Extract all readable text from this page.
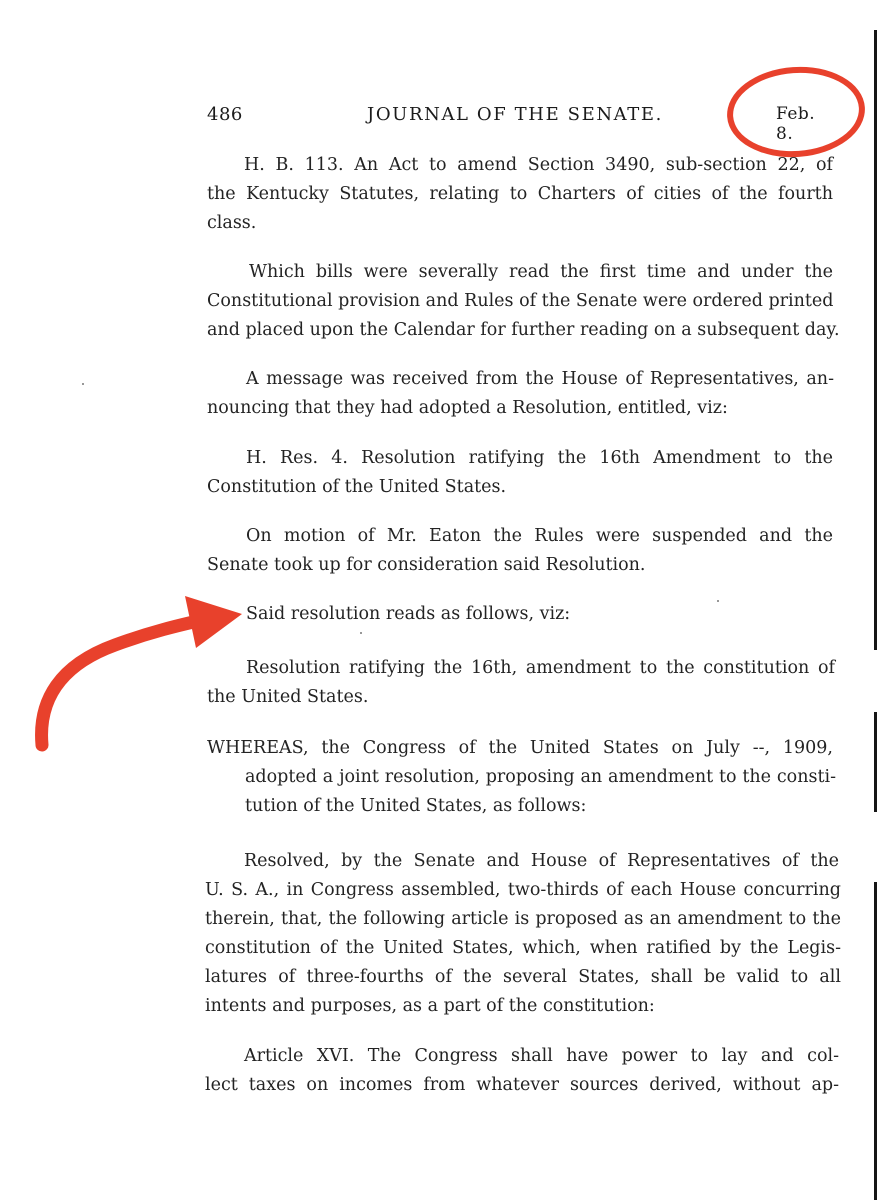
486	JOURNAL OF THE SENATE.	Feb. 8.
H. B. 113. An Act to amend Section 3490, sub-section 22, of
the Kentucky Statutes, relating to Charters of cities of the fourth
class.
Which bills were severally read the first time and under the
Constitutional provision and Rules of the Senate were ordered printed
and placed upon the Calendar for further reading on a subsequent day.
A message was received from the House of Representatives, an-
nouncing that they had adopted a Resolution, entitled, viz:
H. Res. 4. Resolution ratifying the 16th Amendment to the
Constitution of the United States.
On motion of Mr. Eaton the Rules were suspended and the
Senate took up for consideration said Resolution.
Said resolution reads as follows, viz:
Resolution ratifying the 16th, amendment to the constitution of
the United States.
WHEREAS, the Congress of the United States on July --, 1909,
adopted a joint resolution, proposing an amendment to the consti-
tution of the United States, as follows:
Resolved, by the Senate and House of Representatives of the
U. S. A., in Congress assembled, two-thirds of each House concurring
therein, that, the following article is proposed as an amendment to the
constitution of the United States, which, when ratified by the Legis-
latures of three-fourths of the several States, shall be valid to all
intents and purposes, as a part of the constitution:
Article XVI. The Congress shall have power to lay and col-
lect taxes on incomes from whatever sources derived, without ap-
